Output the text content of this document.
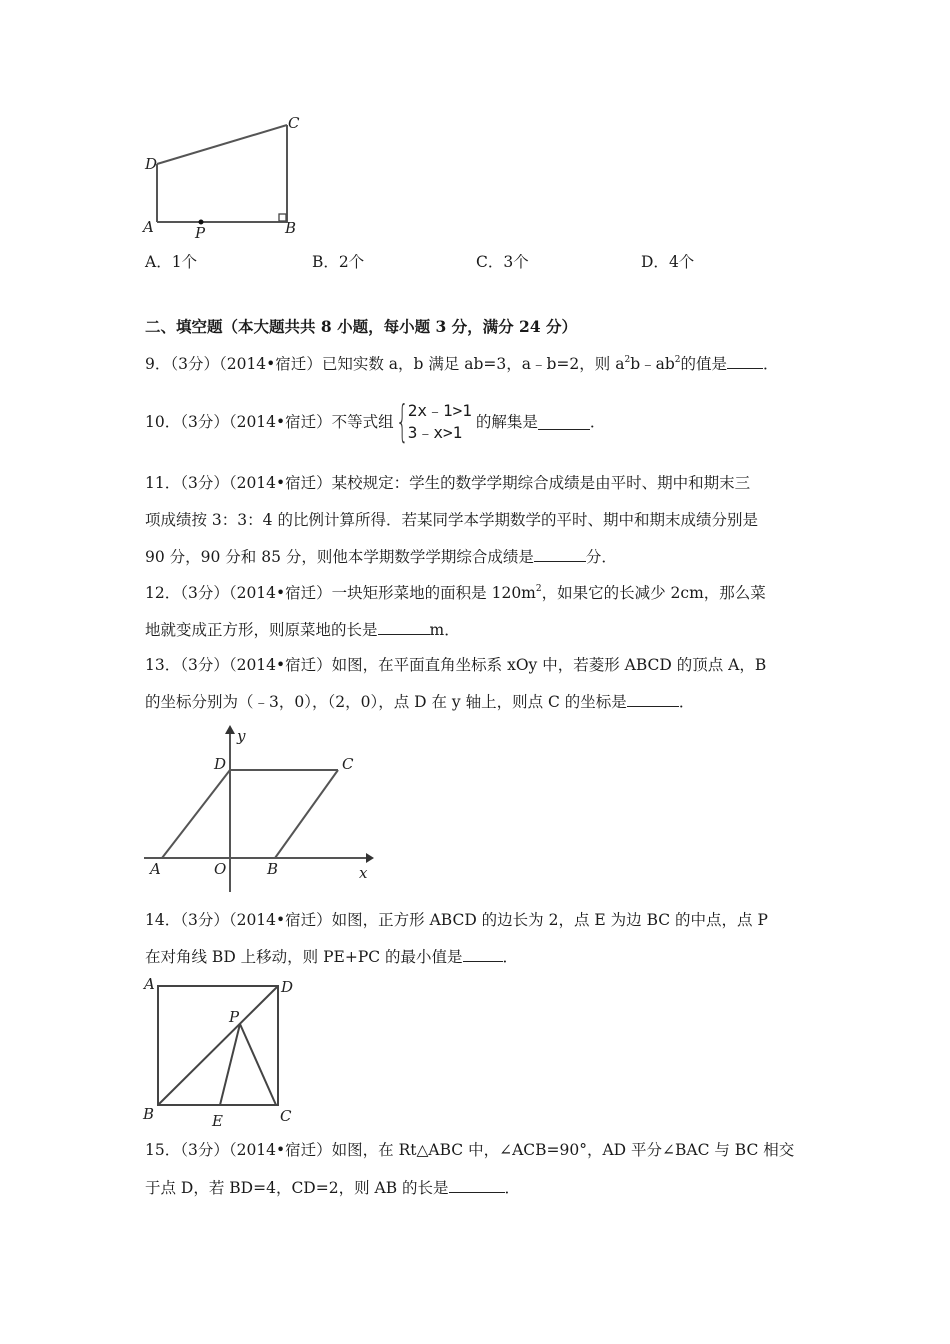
D
C
A	P	B
A．1个	B．2个	C．3个	D．4个
二、填空题（本大题共共 8 小题，每小题 3 分，满分 24 分）
9．（3分）（2014•宿迁）已知实数 a，b 满足 ab=3，a﹣b=2，则 $a^2b﹣ab^2$的值是 ．
10．（3分）（2014•宿迁）不等式组 { 2x﹣1>1
3﹣x>1
的解集是	．
11．（3分）（2014•宿迁）某校规定：学生的数学学期综合成绩是由平时、期中和期末三
项成绩按 3：3：4 的比例计算所得．若某同学本学期数学的平时、期中和期末成绩分别是
90 分，90 分和 85 分，则他本学期数学学期综合成绩是	分．
12．（3分）（2014•宿迁）一块矩形菜地的面积是 $120m^2$，如果它的长减少 2cm，那么菜
地就变成正方形，则原菜地的长是	m．
13．（3分）（2014•宿迁）如图，在平面直角坐标系 xOy 中，若菱形 ABCD 的顶点 A，B
的坐标分别为（﹣3，0），（2，0），点 D 在 y 轴上，则点 C 的坐标是	．
y
D	C
A	O	B	x
14．（3分）（2014•宿迁）如图，正方形 ABCD 的边长为 2，点 E 为边 BC 的中点，点 P
在对角线 BD 上移动，则 PE+PC 的最小值是	．
A	D
P
B	E	C
15．（3分）（2014•宿迁）如图，在 Rt△ABC 中，∠ACB=90°，AD 平分∠BAC 与 BC 相交
于点 D，若 BD=4，CD=2，则 AB 的长是	．
